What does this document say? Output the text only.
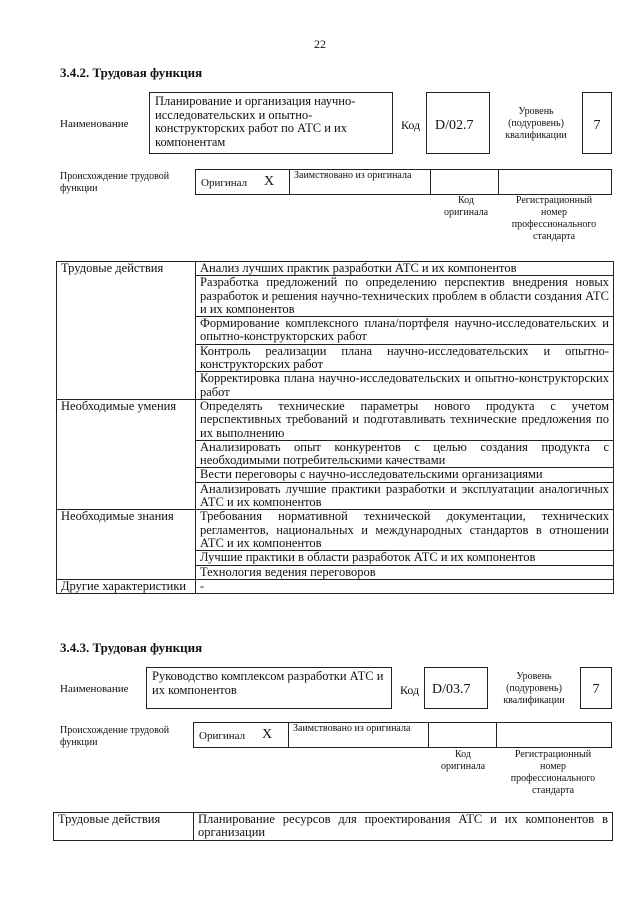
22
3.4.2. Трудовая функция
Наименование
Планирование и организация научно-исследовательских и опытно-конструкторских работ по АТС и их компонентам
Код	D/02.7
Уровень (подуровень) квалификации
7
Происхождение трудовой функции	Оригинал X	Заимствовано из оригинала
Код оригинала
Регистрационный номер профессионального стандарта
Трудовые действия	Анализ лучших практик разработки АТС и их компонентов
	Разработка предложений по определению перспектив внедрения новых разработок и решения научно-технических проблем в области создания АТС и их компонентов
	Формирование комплексного плана/портфеля научно-исследовательских и опытно-конструкторских работ
	Контроль реализации плана научно-исследовательских и опытно-конструкторских работ
	Корректировка плана научно-исследовательских и опытно-конструкторских работ
Необходимые умения	Определять технические параметры нового продукта с учетом перспективных требований и подготавливать технические предложения по их выполнению
	Анализировать опыт конкурентов с целью создания продукта с необходимыми потребительскими качествами
	Вести переговоры с научно-исследовательскими организациями
	Анализировать лучшие практики разработки и эксплуатации аналогичных АТС и их компонентов
Необходимые знания	Требования нормативной технической документации, технических регламентов, национальных и международных стандартов в отношении АТС и их компонентов
	Лучшие практики в области разработок АТС и их компонентов
	Технология ведения переговоров
Другие характеристики	-
3.4.3. Трудовая функция
Наименование
Руководство комплексом разработки АТС и их компонентов	Код D/03.7
Уровень (подуровень) квалификации
7
Происхождение трудовой функции
Оригинал X	Заимствовано из оригинала
Код оригинала
Регистрационный номер профессионального стандарта
Трудовые действия	Планирование ресурсов для проектирования АТС и их компонентов в организации
